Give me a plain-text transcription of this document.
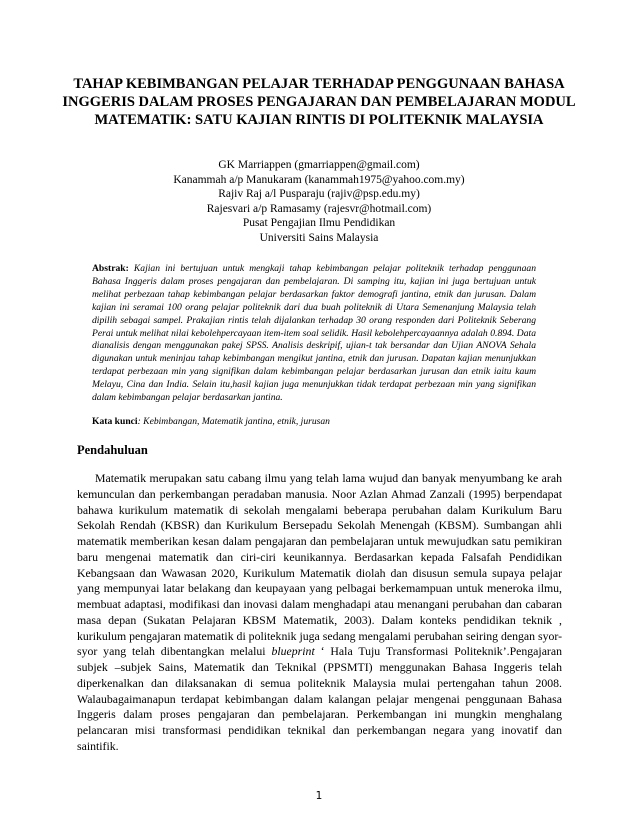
TAHAP KEBIMBANGAN PELAJAR TERHADAP PENGGUNAAN BAHASA INGGERIS DALAM PROSES PENGAJARAN DAN PEMBELAJARAN MODUL MATEMATIK: SATU KAJIAN RINTIS DI POLITEKNIK MALAYSIA
GK Marriappen (gmarriappen@gmail.com)
Kanammah a/p Manukaram (kanammah1975@yahoo.com.my)
Rajiv Raj a/l Pusparaju (rajiv@psp.edu.my)
Rajesvari a/p Ramasamy (rajesvr@hotmail.com)
Pusat Pengajian Ilmu Pendidikan
Universiti Sains Malaysia
Abstrak: Kajian ini bertujuan untuk mengkaji tahap kebimbangan pelajar politeknik terhadap penggunaan Bahasa Inggeris dalam proses pengajaran dan pembelajaran. Di samping itu, kajian ini juga bertujuan untuk melihat perbezaan tahap kebimbangan pelajar berdasarkan faktor demografi jantina, etnik dan jurusan. Dalam kajian ini seramai 100 orang pelajar politeknik dari dua buah politeknik di Utara Semenanjung Malaysia telah dipilih sebagai sampel. Prakajian rintis telah dijalankan terhadap 30 orang responden dari Politeknik Seberang Perai untuk melihat nilai kebolehpercayaan item-item soal selidik. Hasil kebolehpercayaannya adalah 0.894. Data dianalisis dengan menggunakan pakej SPSS. Analisis deskripif, ujian-t tak bersandar dan Ujian ANOVA Sehala digunakan untuk meninjau tahap kebimbangan mengikut jantina, etnik dan jurusan. Dapatan kajian menunjukkan terdapat perbezaan min yang signifikan dalam kebimbangan pelajar berdasarkan jurusan dan etnik iaitu kaum Melayu, Cina dan India. Selain itu,hasil kajian juga menunjukkan tidak terdapat perbezaan min yang signifikan dalam kebimbangan pelajar berdasarkan jantina.
Kata kunci: Kebimbangan, Matematik jantina, etnik, jurusan
Pendahuluan

Matematik merupakan satu cabang ilmu yang telah lama wujud dan banyak menyumbang ke arah kemunculan dan perkembangan peradaban manusia. Noor Azlan Ahmad Zanzali (1995) berpendapat bahawa kurikulum matematik di sekolah mengalami beberapa perubahan dalam Kurikulum Baru Sekolah Rendah (KBSR) dan Kurikulum Bersepadu Sekolah Menengah (KBSM). Sumbangan ahli matematik memberikan kesan dalam pengajaran dan pembelajaran untuk mewujudkan satu pemikiran baru mengenai matematik dan ciri-ciri keunikannya. Berdasarkan kepada Falsafah Pendidikan Kebangsaan dan Wawasan 2020, Kurikulum Matematik diolah dan disusun semula supaya pelajar yang mempunyai latar belakang dan keupayaan yang pelbagai berkemampuan untuk meneroka ilmu, membuat adaptasi, modifikasi dan inovasi dalam menghadapi atau menangani perubahan dan cabaran masa depan (Sukatan Pelajaran KBSM Matematik, 2003). Dalam konteks pendidikan teknik , kurikulum pengajaran matematik di politeknik juga sedang mengalami perubahan seiring dengan syor-syor yang telah dibentangkan melalui blueprint ‘ Hala Tuju Transformasi Politeknik’.Pengajaran subjek –subjek Sains, Matematik dan Teknikal (PPSMTI) menggunakan Bahasa Inggeris telah diperkenalkan dan dilaksanakan di semua politeknik Malaysia mulai pertengahan tahun 2008. Walaubagaimanapun terdapat kebimbangan dalam kalangan pelajar mengenai penggunaan Bahasa Inggeris dalam proses pengajaran dan pembelajaran. Perkembangan ini mungkin menghalang pelancaran misi transformasi pendidikan teknikal dan perkembangan negara yang inovatif dan saintifik.

1
